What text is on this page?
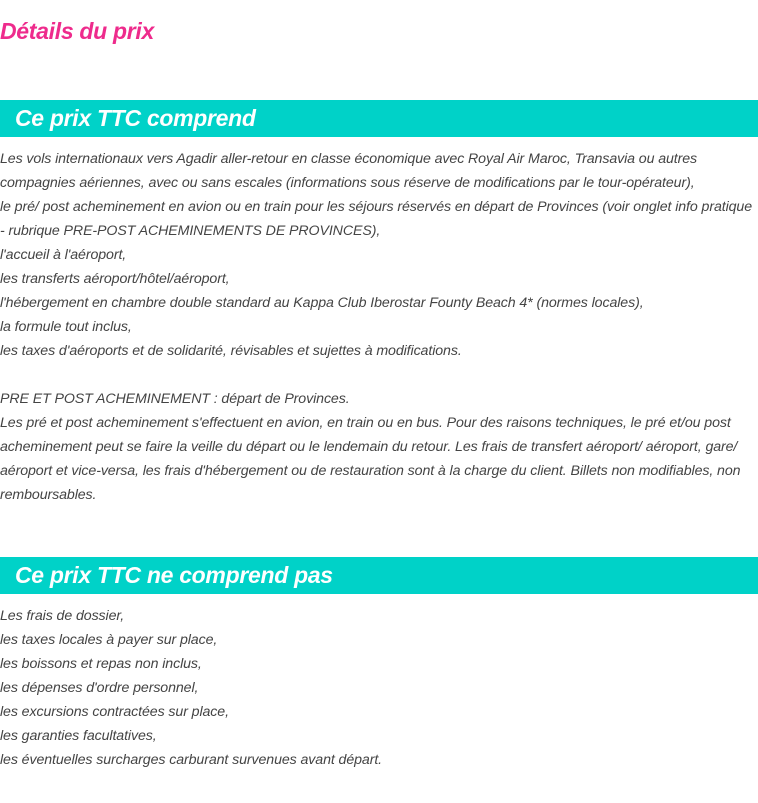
Détails du prix
Ce prix TTC comprend

Les vols internationaux vers Agadir aller-retour en classe économique avec Royal Air Maroc, Transavia ou autres compagnies aériennes, avec ou sans escales (informations sous réserve de modifications par le tour-opérateur),

le pré/ post acheminement en avion ou en train pour les séjours réservés en départ de Provinces (voir onglet info pratique - rubrique PRE-POST ACHEMINEMENTS DE PROVINCES),

l'accueil à l'aéroport,

les transferts aéroport/hôtel/aéroport,

l'hébergement en chambre double standard au Kappa Club Iberostar Founty Beach 4* (normes locales),

la formule tout inclus,

les taxes d'aéroports et de solidarité, révisables et sujettes à modifications.

PRE ET POST ACHEMINEMENT : départ de Provinces.

Les pré et post acheminement s'effectuent en avion, en train ou en bus. Pour des raisons techniques, le pré et/ou post acheminement peut se faire la veille du départ ou le lendemain du retour. Les frais de transfert aéroport/ aéroport, gare/ aéroport et vice-versa, les frais d'hébergement ou de restauration sont à la charge du client. Billets non modifiables, non remboursables.

Ce prix TTC ne comprend pas

Les frais de dossier,

les taxes locales à payer sur place,

les boissons et repas non inclus,

les dépenses d'ordre personnel,

les excursions contractées sur place,

les garanties facultatives,

les éventuelles surcharges carburant survenues avant départ.
